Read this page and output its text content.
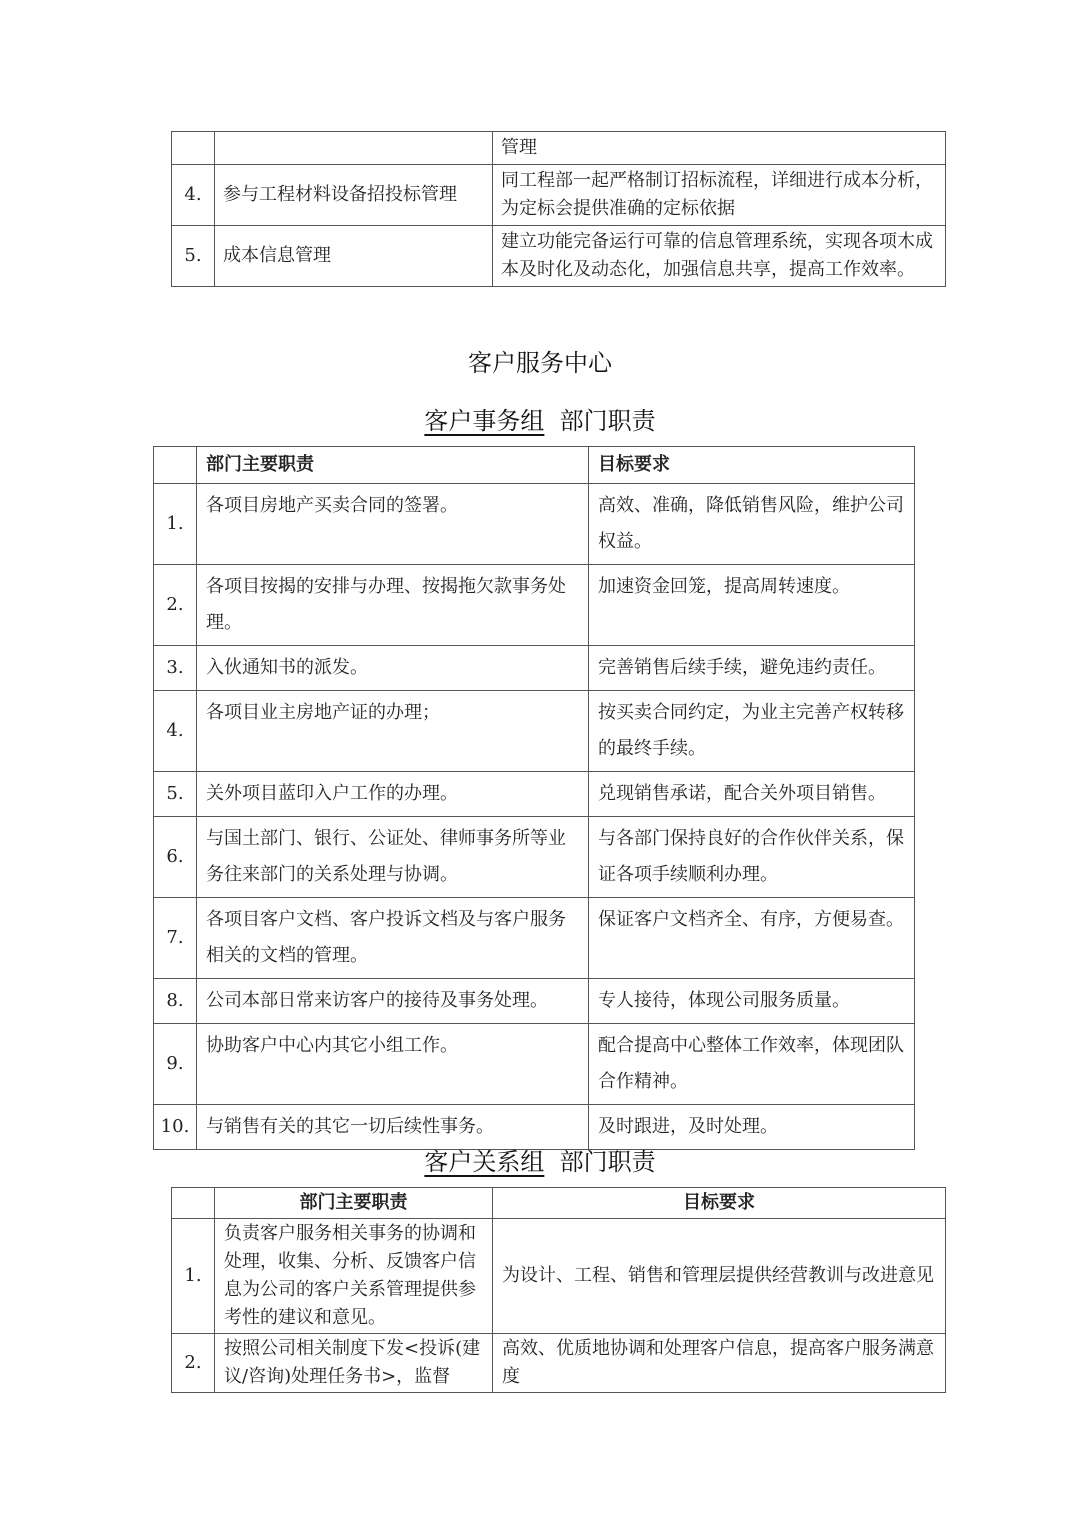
		管理
4.	参与工程材料设备招投标管理	同工程部一起严格制订招标流程，详细进行成本分析，为定标会提供准确的定标依据
5.	成本信息管理	建立功能完备运行可靠的信息管理系统，实现各项木成本及时化及动态化，加强信息共享，提高工作效率。
客户服务中心
客户事务组 部门职责
	部门主要职责	目标要求
1.	各项目房地产买卖合同的签署。	高效、准确，降低销售风险，维护公司权益。
2.	各项目按揭的安排与办理、按揭拖欠款事务处理。	加速资金回笼，提高周转速度。
3.	入伙通知书的派发。	完善销售后续手续，避免违约责任。
4.	各项目业主房地产证的办理；	按买卖合同约定，为业主完善产权转移的最终手续。
5.	关外项目蓝印入户工作的办理。	兑现销售承诺，配合关外项目销售。
6.	与国土部门、银行、公证处、律师事务所等业务往来部门的关系处理与协调。	与各部门保持良好的合作伙伴关系，保证各项手续顺利办理。
7.	各项目客户文档、客户投诉文档及与客户服务相关的文档的管理。	保证客户文档齐全、有序，方便易查。
8.	公司本部日常来访客户的接待及事务处理。	专人接待，体现公司服务质量。
9.	协助客户中心内其它小组工作。	配合提高中心整体工作效率，体现团队合作精神。
10.	与销售有关的其它一切后续性事务。	及时跟进，及时处理。
客户关系组 部门职责
	部门主要职责	目标要求
1.	负责客户服务相关事务的协调和处理，收集、分析、反馈客户信息为公司的客户关系管理提供参考性的建议和意见。	为设计、工程、销售和管理层提供经营教训与改进意见
2.	按照公司相关制度下发<投诉(建议/咨询)处理任务书>，监督	高效、优质地协调和处理客户信息，提高客户服务满意度
